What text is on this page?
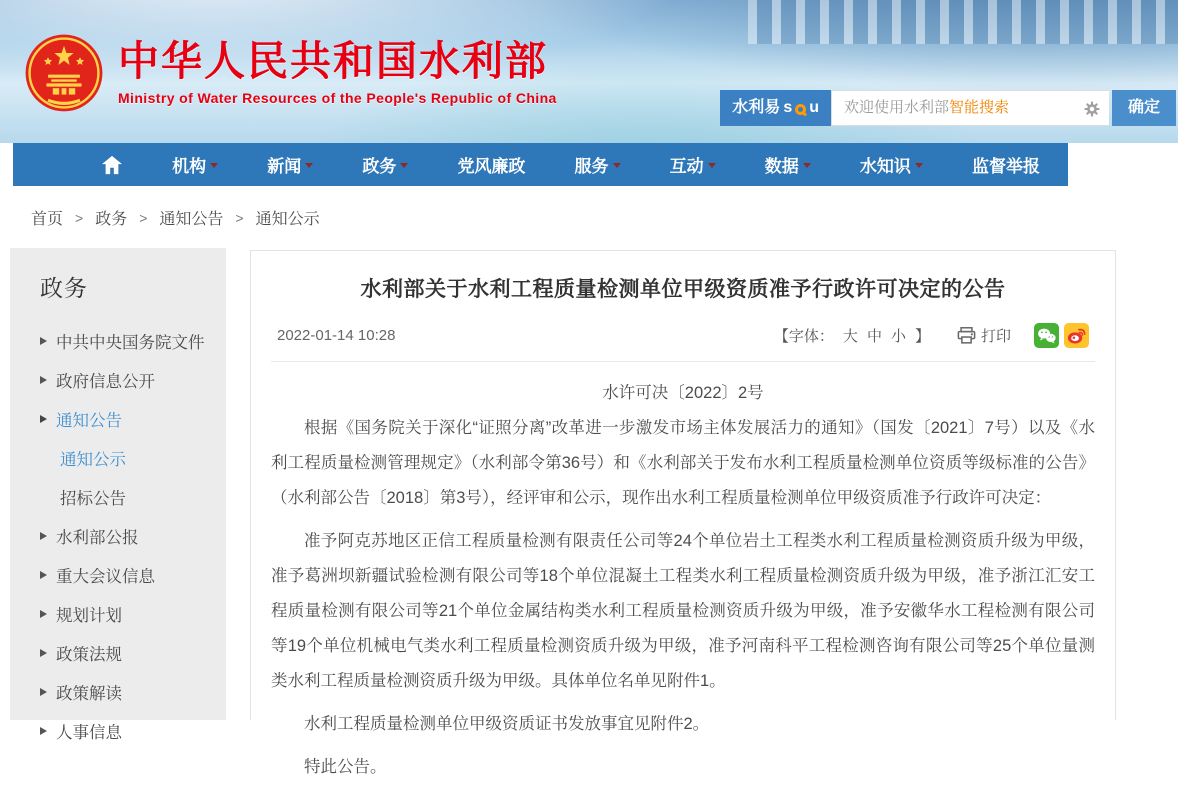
中华人民共和国水利部
Ministry of Water Resources of the People's Republic of China
水利易 s u	欢迎使用水利部智能搜索	确定
机构	新闻	政务	党风廉政	服务	互动	数据	水知识	监督举报
首页 > 政务 > 通知公告 > 通知公示
政务
中共中央国务院文件
政府信息公开
通知公告
通知公示
招标公告
水利部公报
重大会议信息
规划计划
政策法规
政策解读
人事信息
水利部关于水利工程质量检测单位甲级资质准予行政许可决定的公告
2022-01-14 10:28	【字体： 大 中 小 】	打印
水许可决〔2022〕2号

根据《国务院关于深化“证照分离”改革进一步激发市场主体发展活力的通知》（国发〔2021〕7号）以及《水利工程质量检测管理规定》（水利部令第36号）和《水利部关于发布水利工程质量检测单位资质等级标准的公告》（水利部公告〔2018〕第3号），经评审和公示，现作出水利工程质量检测单位甲级资质准予行政许可决定：

准予阿克苏地区正信工程质量检测有限责任公司等24个单位岩土工程类水利工程质量检测资质升级为甲级，准予葛洲坝新疆试验检测有限公司等18个单位混凝土工程类水利工程质量检测资质升级为甲级，准予浙江汇安工程质量检测有限公司等21个单位金属结构类水利工程质量检测资质升级为甲级，准予安徽华水工程检测有限公司等19个单位机械电气类水利工程质量检测资质升级为甲级，准予河南科平工程检测咨询有限公司等25个单位量测类水利工程质量检测资质升级为甲级。具体单位名单见附件1。

水利工程质量检测单位甲级资质证书发放事宜见附件2。

特此公告。
